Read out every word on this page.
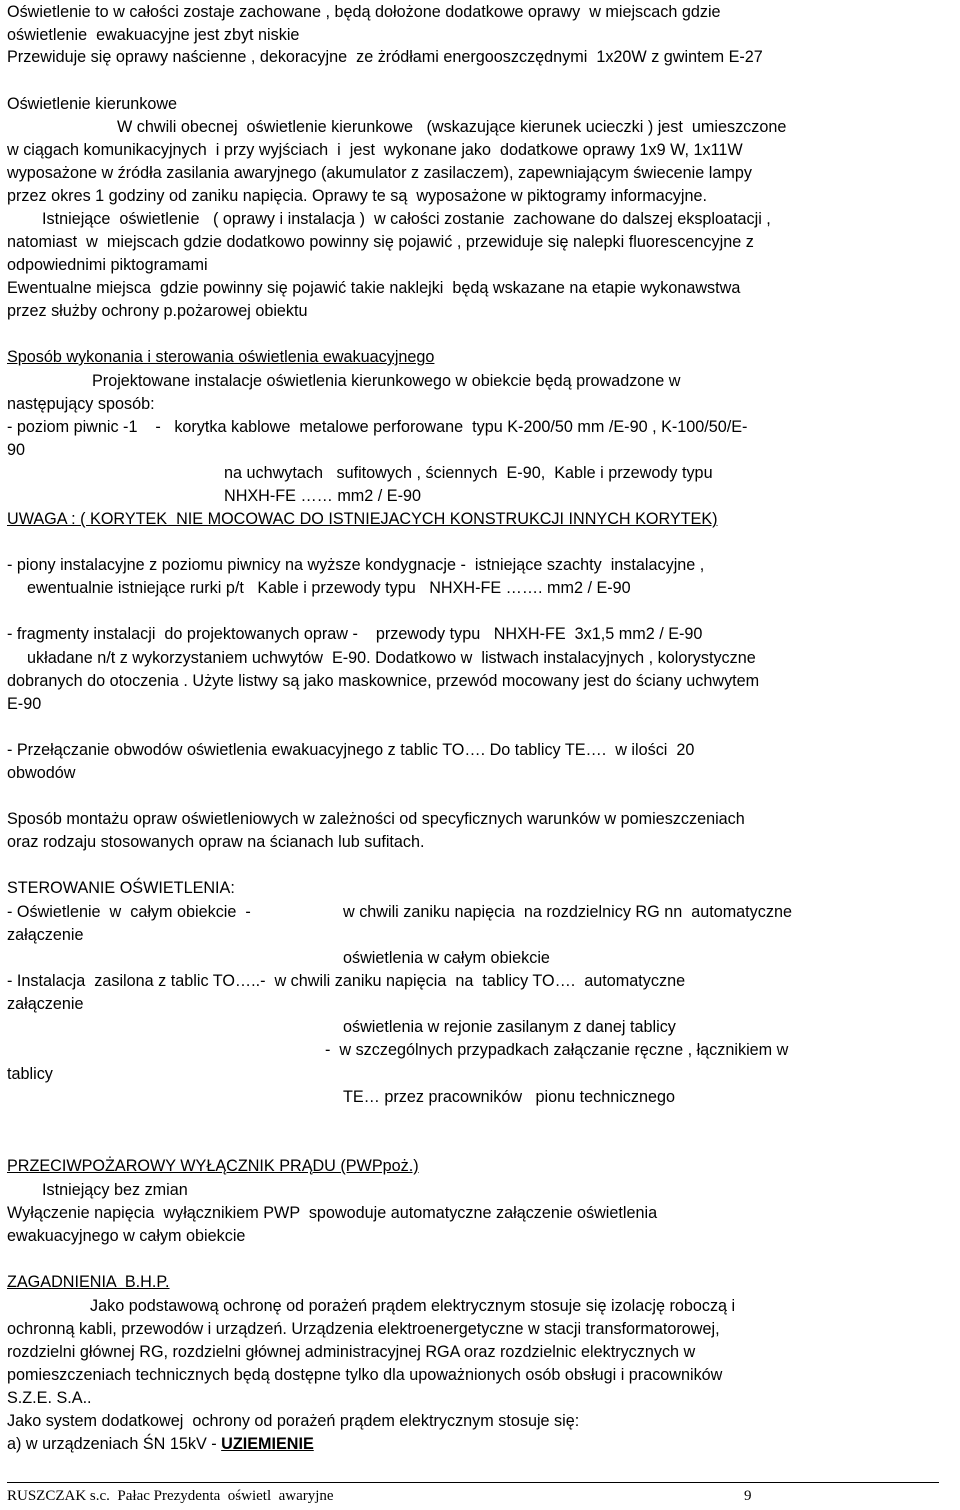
Oświetlenie to w całości zostaje zachowane , będą dołożone dodatkowe oprawy  w miejscach gdzie
oświetlenie  ewakuacyjne jest zbyt niskie
Przewiduje się oprawy naścienne , dekoracyjne  ze żródłami energooszczędnymi  1x20W z gwintem E-27
Oświetlenie kierunkowe
W chwili obecnej  oświetlenie kierunkowe   (wskazujące kierunek ucieczki ) jest  umieszczone
w ciągach komunikacyjnych  i przy wyjściach  i  jest  wykonane jako  dodatkowe oprawy 1x9 W, 1x11W
wyposażone w źródła zasilania awaryjnego (akumulator z zasilaczem), zapewniającym świecenie lampy
przez okres 1 godziny od zaniku napięcia. Oprawy te są  wyposażone w piktogramy informacyjne.
Istniejące  oświetlenie   ( oprawy i instalacja )  w całości zostanie  zachowane do dalszej eksploatacji ,
natomiast  w  miejscach gdzie dodatkowo powinny się pojawić , przewiduje się nalepki fluorescencyjne z
odpowiednimi piktogramami
Ewentualne miejsca  gdzie powinny się pojawić takie naklejki  będą wskazane na etapie wykonawstwa
przez służby ochrony p.pożarowej obiektu
Sposób wykonania i sterowania oświetlenia ewakuacyjnego
Projektowane instalacje oświetlenia kierunkowego w obiekcie będą prowadzone w
następujący sposób:
- poziom piwnic -1    -   korytka kablowe  metalowe perforowane  typu K-200/50 mm /E-90 , K-100/50/E-
90
na uchwytach   sufitowych , ściennych  E-90,  Kable i przewody typu
NHXH-FE …… mm2 / E-90
UWAGA : ( KORYTEK  NIE MOCOWAC DO ISTNIEJACYCH KONSTRUKCJI INNYCH KORYTEK)
- piony instalacyjne z poziomu piwnicy na wyższe kondygnacje -  istniejące szachty  instalacyjne ,
ewentualnie istniejące rurki p/t   Kable i przewody typu   NHXH-FE ……. mm2 / E-90
- fragmenty instalacji  do projektowanych opraw -    przewody typu   NHXH-FE  3x1,5 mm2 / E-90
układane n/t z wykorzystaniem uchwytów  E-90. Dodatkowo w  listwach instalacyjnych , kolorystyczne
dobranych do otoczenia . Użyte listwy są jako maskownice, przewód mocowany jest do ściany uchwytem
E-90
- Przełączanie obwodów oświetlenia ewakuacyjnego z tablic TO…. Do tablicy TE….  w ilości  20
obwodów
Sposób montażu opraw oświetleniowych w zależności od specyficznych warunków w pomieszczeniach
oraz rodzaju stosowanych opraw na ścianach lub sufitach.
STEROWANIE OŚWIETLENIA:
- Oświetlenie  w  całym obiekcie  -	w chwili zaniku napięcia  na rozdzielnicy RG nn  automatyczne
załączenie
oświetlenia w całym obiekcie
- Instalacja  zasilona z tablic TO…..-  w chwili zaniku napięcia  na  tablicy TO….  automatyczne
załączenie
oświetlenia w rejonie zasilanym z danej tablicy
-  w szczególnych przypadkach załączanie ręczne , łącznikiem w
tablicy
TE… przez pracowników   pionu technicznego
PRZECIWPOŻAROWY WYŁĄCZNIK PRĄDU (PWPpoż.)
Istniejący bez zmian
Wyłączenie napięcia  wyłącznikiem PWP  spowoduje automatyczne załączenie oświetlenia
ewakuacyjnego w całym obiekcie
ZAGADNIENIA  B.H.P.
Jako podstawową ochronę od porażeń prądem elektrycznym stosuje się izolację roboczą i
ochronną kabli, przewodów i urządzeń. Urządzenia elektroenergetyczne w stacji transformatorowej,
rozdzielni głównej RG, rozdzielni głównej administracyjnej RGA oraz rozdzielnic elektrycznych w
pomieszczeniach technicznych będą dostępne tylko dla upoważnionych osób obsługi i pracowników
S.Z.E. S.A..
Jako system dodatkowej  ochrony od porażeń prądem elektrycznym stosuje się:
a) w urządzeniach ŚN 15kV - UZIEMIENIE
RUSZCZAK s.c.  Pałac Prezydenta  oświetl  awaryjne	9
